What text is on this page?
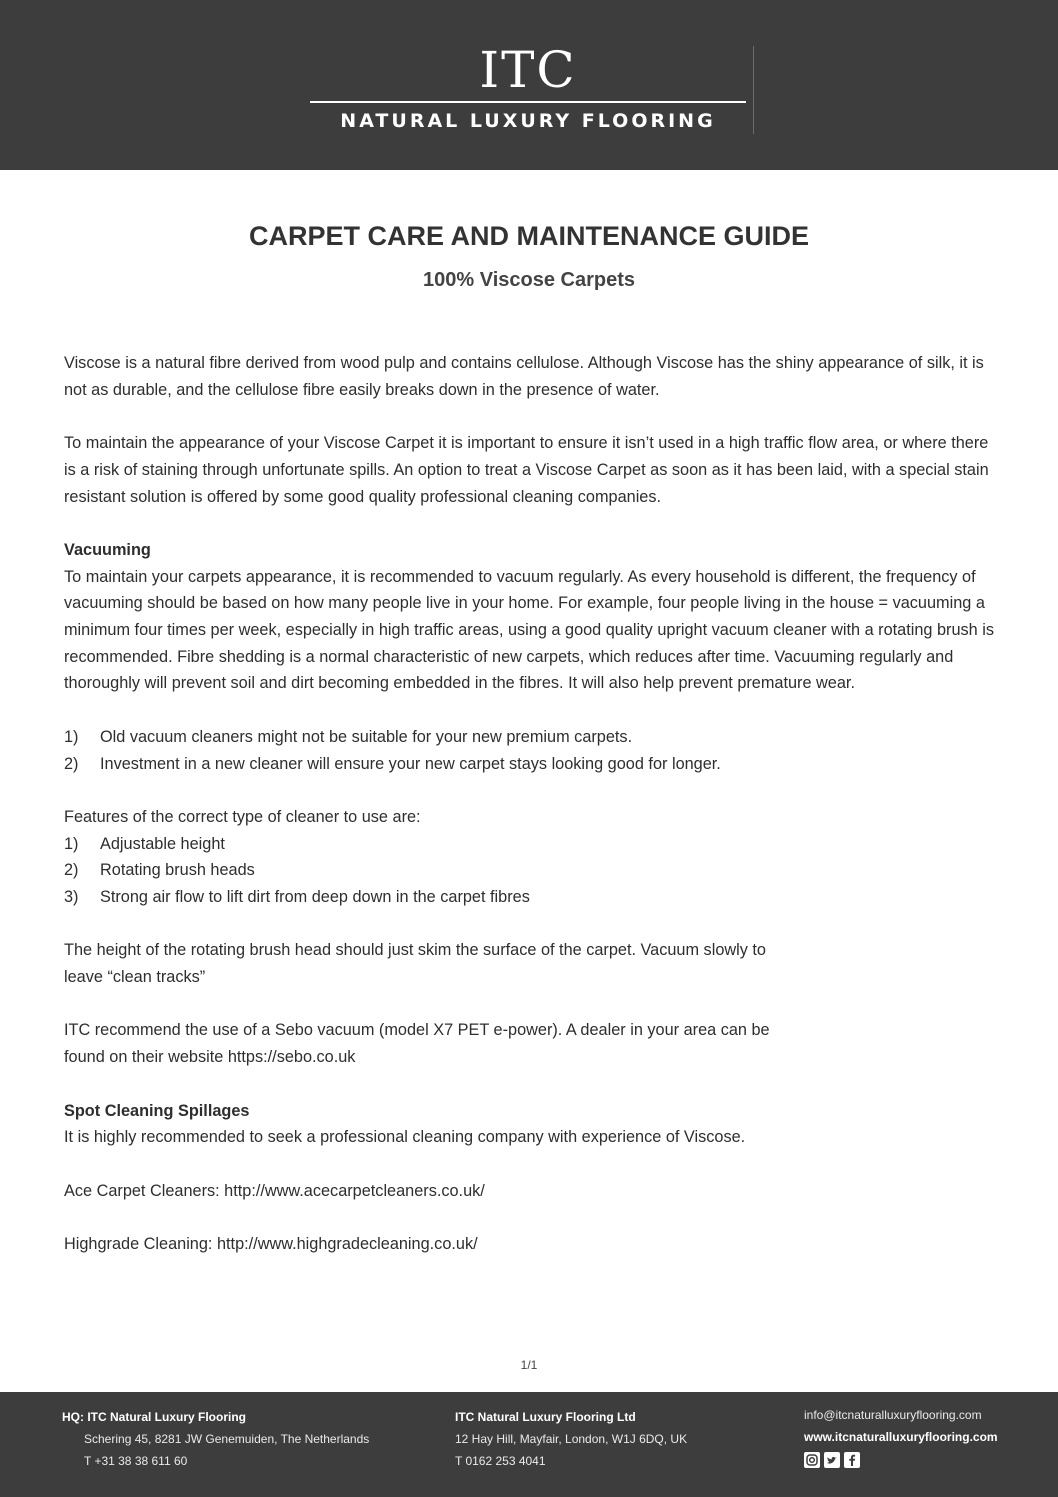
ITC
NATURAL LUXURY FLOORING
CARPET CARE AND MAINTENANCE GUIDE
100% Viscose Carpets

Viscose is a natural fibre derived from wood pulp and contains cellulose. Although Viscose has the shiny appearance of silk, it is not as durable, and the cellulose fibre easily breaks down in the presence of water.

To maintain the appearance of your Viscose Carpet it is important to ensure it isn’t used in a high traffic flow area, or where there is a risk of staining through unfortunate spills. An option to treat a Viscose Carpet as soon as it has been laid, with a special stain resistant solution is offered by some good quality professional cleaning companies.

Vacuuming

To maintain your carpets appearance, it is recommended to vacuum regularly. As every household is different, the frequency of vacuuming should be based on how many people live in your home. For example, four people living in the house = vacuuming a minimum four times per week, especially in high traffic areas, using a good quality upright vacuum cleaner with a rotating brush is recommended. Fibre shedding is a normal characteristic of new carpets, which reduces after time. Vacuuming regularly and thoroughly will prevent soil and dirt becoming embedded in the fibres. It will also help prevent premature wear.

1)	Old vacuum cleaners might not be suitable for your new premium carpets.
2)	Investment in a new cleaner will ensure your new carpet stays looking good for longer.

Features of the correct type of cleaner to use are:

1)	Adjustable height
2)	Rotating brush heads
3)	Strong air flow to lift dirt from deep down in the carpet fibres

The height of the rotating brush head should just skim the surface of the carpet. Vacuum slowly to

leave “clean tracks”

ITC recommend the use of a Sebo vacuum (model X7 PET e-power). A dealer in your area can be

found on their website https://sebo.co.uk

Spot Cleaning Spillages

It is highly recommended to seek a professional cleaning company with experience of Viscose.

Ace Carpet Cleaners: http://www.acecarpetcleaners.co.uk/

Highgrade Cleaning: http://www.highgradecleaning.co.uk/

1/1
HQ: ITC Natural Luxury Flooring
Schering 45, 8281 JW Genemuiden, The Netherlands
T +31 38 38 611 60
ITC Natural Luxury Flooring Ltd
12 Hay Hill, Mayfair, London, W1J 6DQ, UK
T 0162 253 4041
info@itcnaturalluxuryflooring.com
www.itcnaturalluxuryflooring.com
